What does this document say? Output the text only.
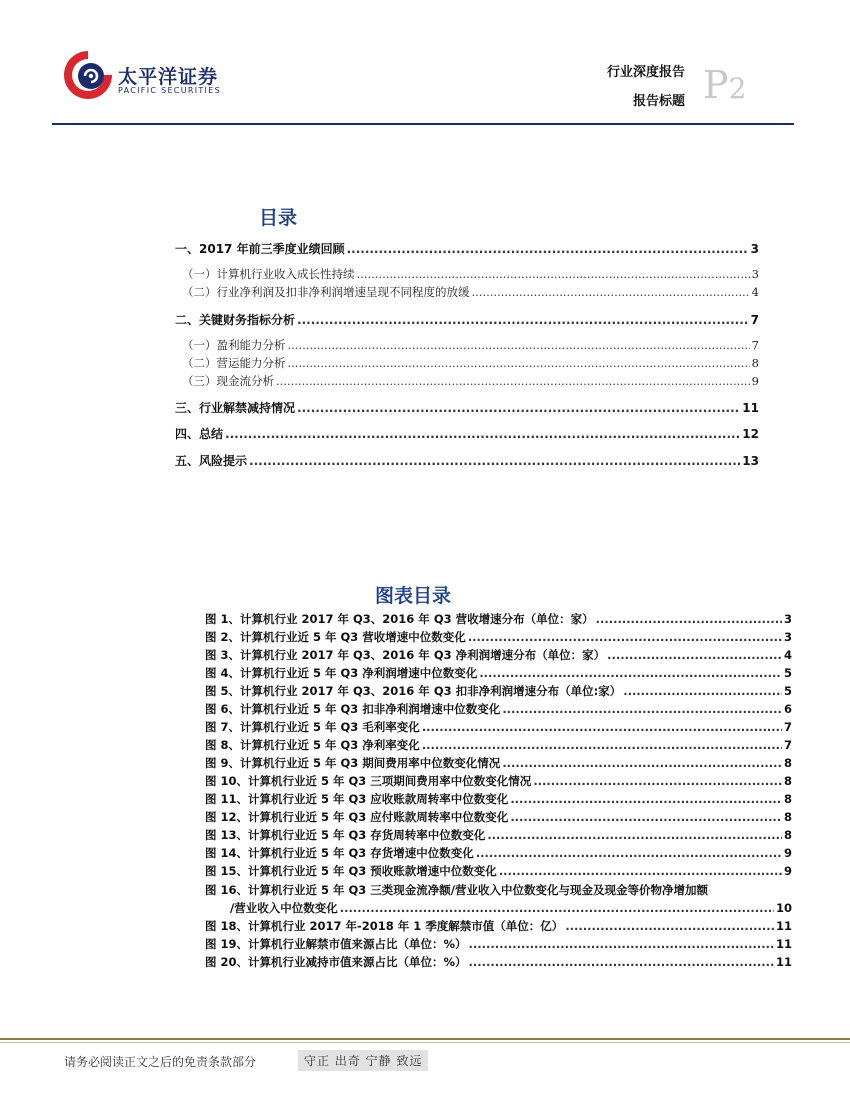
太平洋证券
PACIFIC SECURITIES
行业深度报告
报告标题 P2
目录
一、2017 年前三季度业绩回顾 .....	3
（一）计算机行业收入成长性持续 .....	3
（二）行业净利润及扣非净利润增速呈现不同程度的放缓 .....	4
二、关键财务指标分析 .....	7
（一）盈利能力分析 .....	7
（二）营运能力分析 .....	8
（三）现金流分析 .....	9
三、行业解禁减持情况 .....	11
四、总结 .....	12
五、风险提示 .....	13
图表目录
图 1、计算机行业 2017 年 Q3、2016 年 Q3 营收增速分布（单位：家） .....	3
图 2、计算机行业近 5 年 Q3 营收增速中位数变化 .....	3
图 3、计算机行业 2017 年 Q3、2016 年 Q3 净利润增速分布（单位：家） .....	4
图 4、计算机行业近 5 年 Q3 净利润增速中位数变化 .....	5
图 5、计算机行业 2017 年 Q3、2016 年 Q3 扣非净利润增速分布（单位:家） .....	5
图 6、计算机行业近 5 年 Q3 扣非净利润增速中位数变化 .....	6
图 7、计算机行业近 5 年 Q3 毛利率变化 .....	7
图 8、计算机行业近 5 年 Q3 净利率变化 .....	7
图 9、计算机行业近 5 年 Q3 期间费用率中位数变化情况 .....	8
图 10、计算机行业近 5 年 Q3 三项期间费用率中位数变化情况 .....	8
图 11、计算机行业近 5 年 Q3 应收账款周转率中位数变化 .....	8
图 12、计算机行业近 5 年 Q3 应付账款周转率中位数变化 .....	8
图 13、计算机行业近 5 年 Q3 存货周转率中位数变化 .....	8
图 14、计算机行业近 5 年 Q3 存货增速中位数变化 .....	9
图 15、计算机行业近 5 年 Q3 预收账款增速中位数变化 .....	9
图 16、计算机行业近 5 年 Q3 三类现金流净额/营业收入中位数变化与现金及现金等价物净增加额
/营业收入中位数变化 .....	10
图 18、计算机行业 2017 年-2018 年 1 季度解禁市值（单位：亿） .....	11
图 19、计算机行业解禁市值来源占比（单位：%） .....	11
图 20、计算机行业减持市值来源占比（单位：%） .....	11
请务必阅读正文之后的免责条款部分	守正 出奇 宁静 致远
